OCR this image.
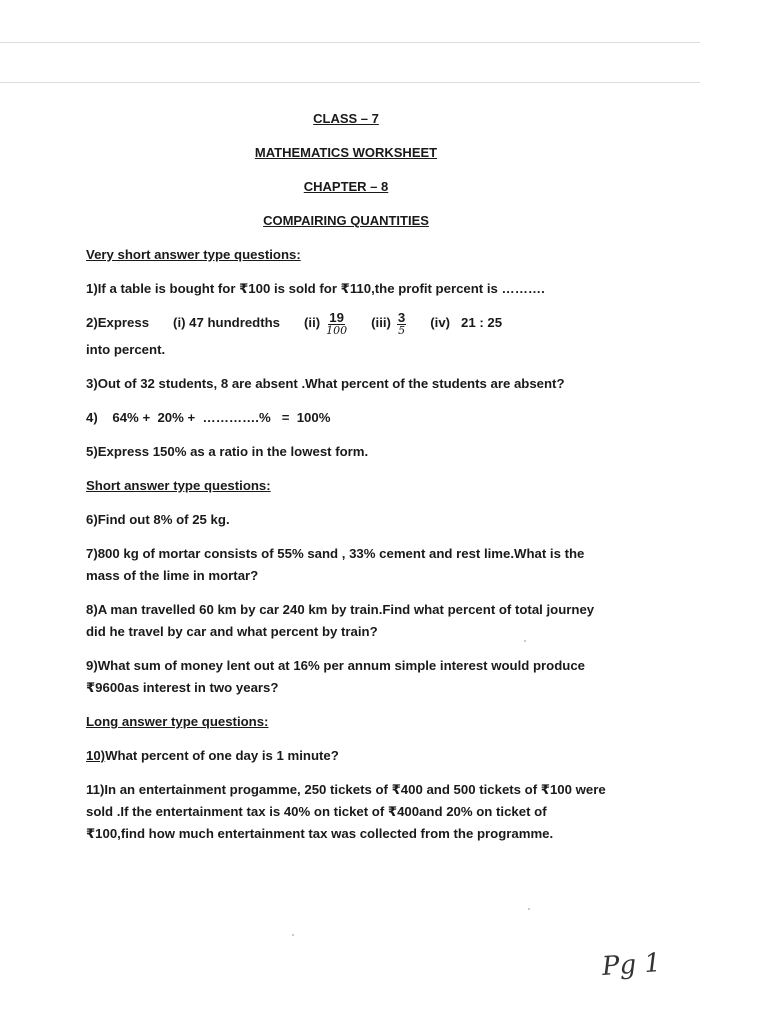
CLASS – 7
MATHEMATICS WORKSHEET
CHAPTER – 8
COMPAIRING QUANTITIES
Very short answer type questions:
1)If a table is bought for ₹100 is sold for ₹110,the profit percent is ……….
2)Express (i) 47 hundredths $(ii) \frac{19}{100} (iii) \frac{3}{5} (iv)$   21 : 25
into percent.
3)Out of 32 students, 8 are absent .What percent of the students are absent?
4)    64% +  20% +  ………….%   =  100%
5)Express 150% as a ratio in the lowest form.
Short answer type questions:
6)Find out 8% of 25 kg.
7)800 kg of mortar consists of 55% sand , 33% cement and rest lime.What is the mass of the lime in mortar?
8)A man travelled 60 km by car 240 km by train.Find what percent of total journey did he travel by car and what percent by train?
9)What sum of money lent out at 16% per annum simple interest would produce ₹9600as interest in two years?
Long answer type questions:
10)What percent of one day is 1 minute?
11)In an entertainment progamme, 250 tickets of ₹400 and 500 tickets of ₹100 were sold .If the entertainment tax is 40% on ticket of ₹400and 20% on ticket of ₹100,find how much entertainment tax was collected from the programme.
Pg 1
